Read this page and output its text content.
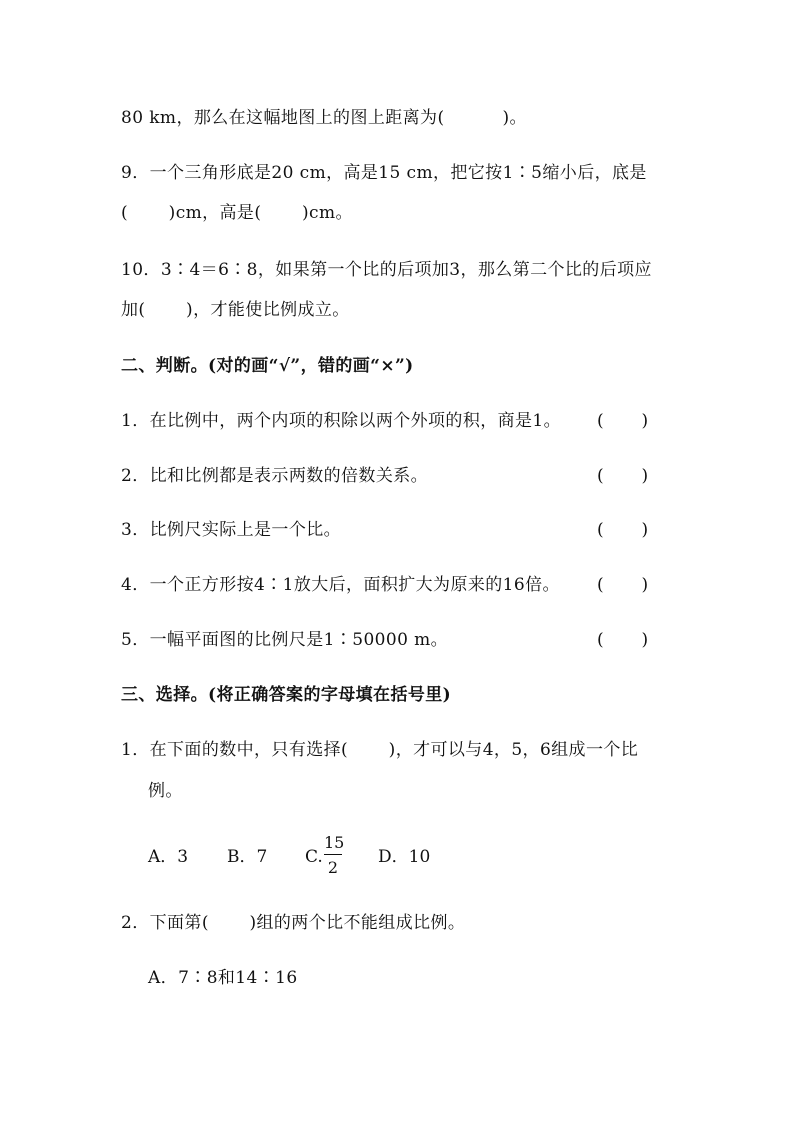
80 km，那么在这幅地图上的图上距离为(          )。
9．一个三角形底是20 cm，高是15 cm，把它按1∶5缩小后，底是
(       )cm，高是(       )cm。
10．3∶4＝6∶8，如果第一个比的后项加3，那么第二个比的后项应
加(       )，才能使比例成立。
二、判断。(对的画“√”，错的画“×”)
1．在比例中，两个内项的积除以两个外项的积，商是1。 (       )
2．比和比例都是表示两数的倍数关系。	(       )
3．比例尺实际上是一个比。	(       )
4．一个正方形按4∶1放大后，面积扩大为原来的16倍。 (       )
5．一幅平面图的比例尺是1∶50000 m。	(       )
三、选择。(将正确答案的字母填在括号里)
1．在下面的数中，只有选择(       )，才可以与4，5，6组成一个比
例。
A．3 B．7 C.
15
2
D．10
2．下面第(       )组的两个比不能组成比例。
A．7∶8和14∶16
